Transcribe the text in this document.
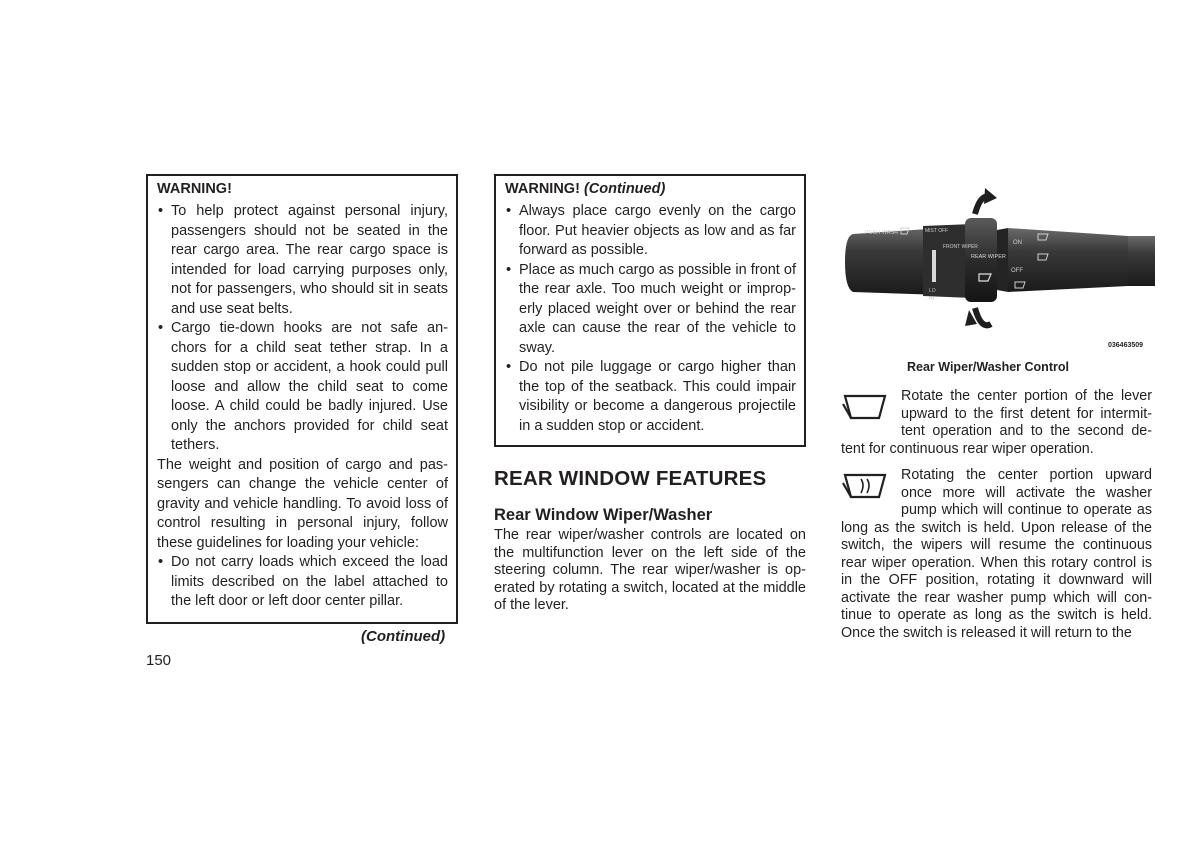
WARNING!
• To help protect against personal injury, passengers should not be seated in the rear cargo area. The rear cargo space is intended for load carrying purposes only, not for passengers, who should sit in seats and use seat belts.
• Cargo tie-down hooks are not safe an-chors for a child seat tether strap. In a sudden stop or accident, a hook could pull loose and allow the child seat to come loose. A child could be badly injured. Use only the anchors provided for child seat tethers.

The weight and position of cargo and pas-sengers can change the vehicle center of gravity and vehicle handling. To avoid loss of control resulting in personal injury, follow these guidelines for loading your vehicle:

• Do not carry loads which exceed the load limits described on the label attached to the left door or left door center pillar.
(Continued)
150
WARNING! (Continued)
• Always place cargo evenly on the cargo floor. Put heavier objects as low and as far forward as possible.
• Place as much cargo as possible in front of the rear axle. Too much weight or improp-erly placed weight over or behind the rear axle can cause the rear of the vehicle to sway.
• Do not pile luggage or cargo higher than the top of the seatback. This could impair visibility or become a dangerous projectile in a sudden stop or accident.
REAR WINDOW FEATURES
Rear Window Wiper/Washer

The rear wiper/washer controls are located on the multifunction lever on the left side of the steering column. The rear wiper/washer is op-erated by rotating a switch, located at the middle of the lever.

PUSH WASH	MIST OFF
FRONT WIPER
REAR WIPER
ON
OFF
LO
HI
036463509
Rear Wiper/Washer Control

Rotate the center portion of the lever upward to the first detent for intermit-tent operation and to the second de-tent for continuous rear wiper operation.

Rotating the center portion upward once more will activate the washer pump which will continue to operate as long as the switch is held. Upon release of the switch, the wipers will resume the continuous rear wiper operation. When this rotary control is in the OFF position, rotating it downward will activate the rear washer pump which will con-tinue to operate as long as the switch is held. Once the switch is released it will return to the
